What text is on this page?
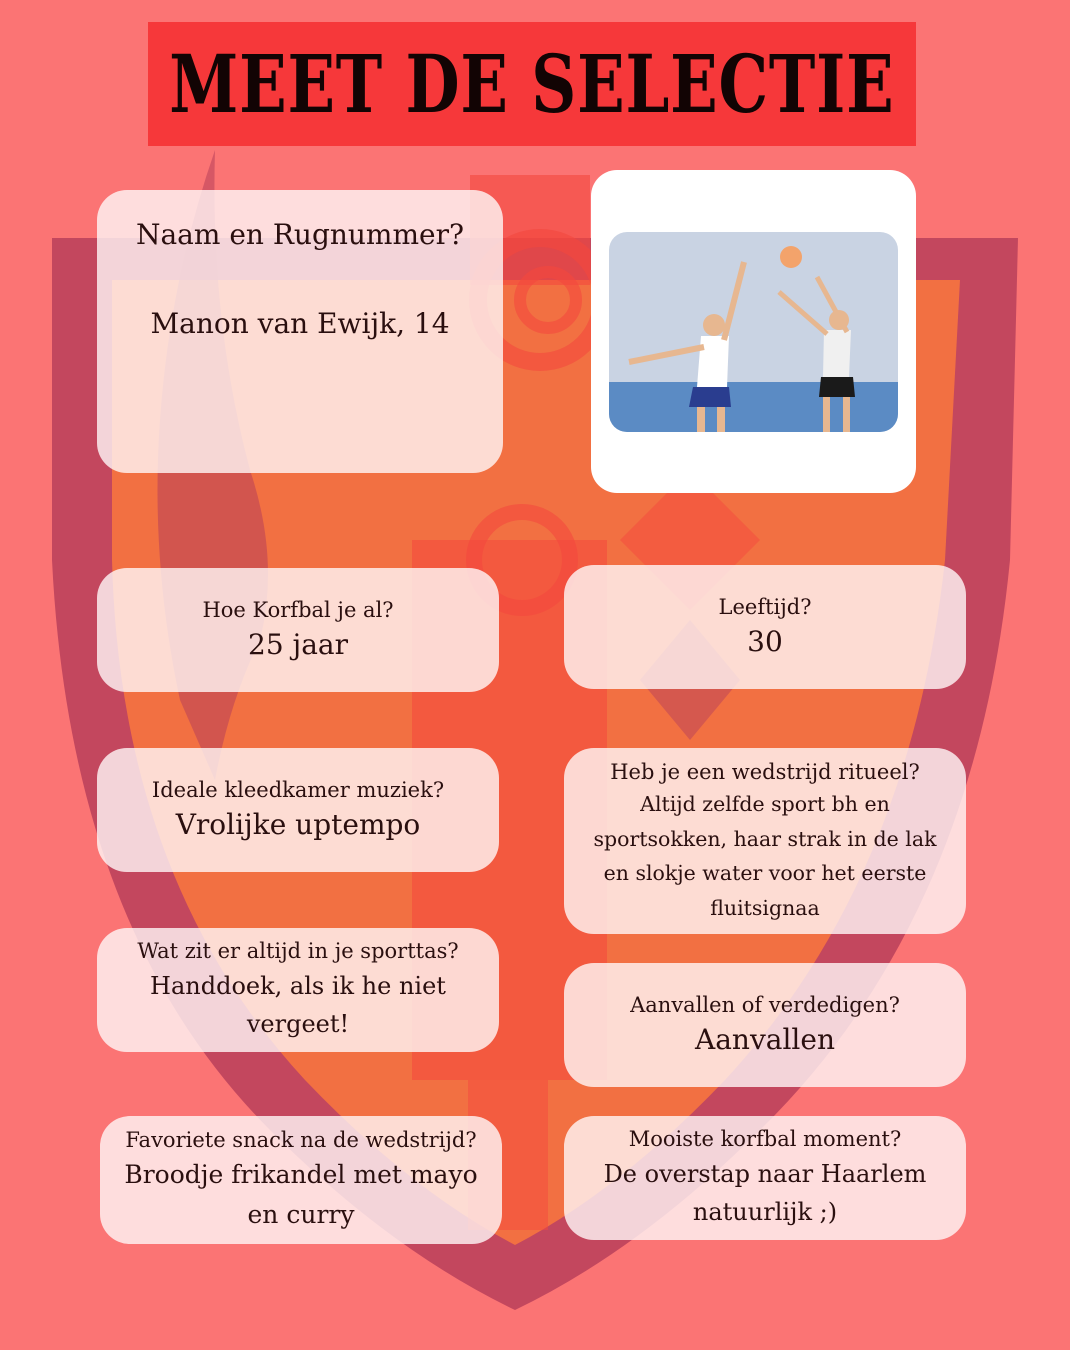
MEET DE SELECTIE
Naam en Rugnummer?
Manon van Ewijk, 14
Hoe Korfbal je al?
25 jaar
Leeftijd?
30
Ideale kleedkamer muziek?
Vrolijke uptempo
Heb je een wedstrijd ritueel?
Altijd zelfde sport bh en
sportsokken, haar strak in de lak
en slokje water voor het eerste
fluitsignaa
Wat zit er altijd in je sporttas?
Handdoek, als ik he niet
vergeet!
Aanvallen of verdedigen?
Aanvallen
Favoriete snack na de wedstrijd?
Broodje frikandel met mayo
en curry
Mooiste korfbal moment?
De overstap naar Haarlem
natuurlijk ;)
